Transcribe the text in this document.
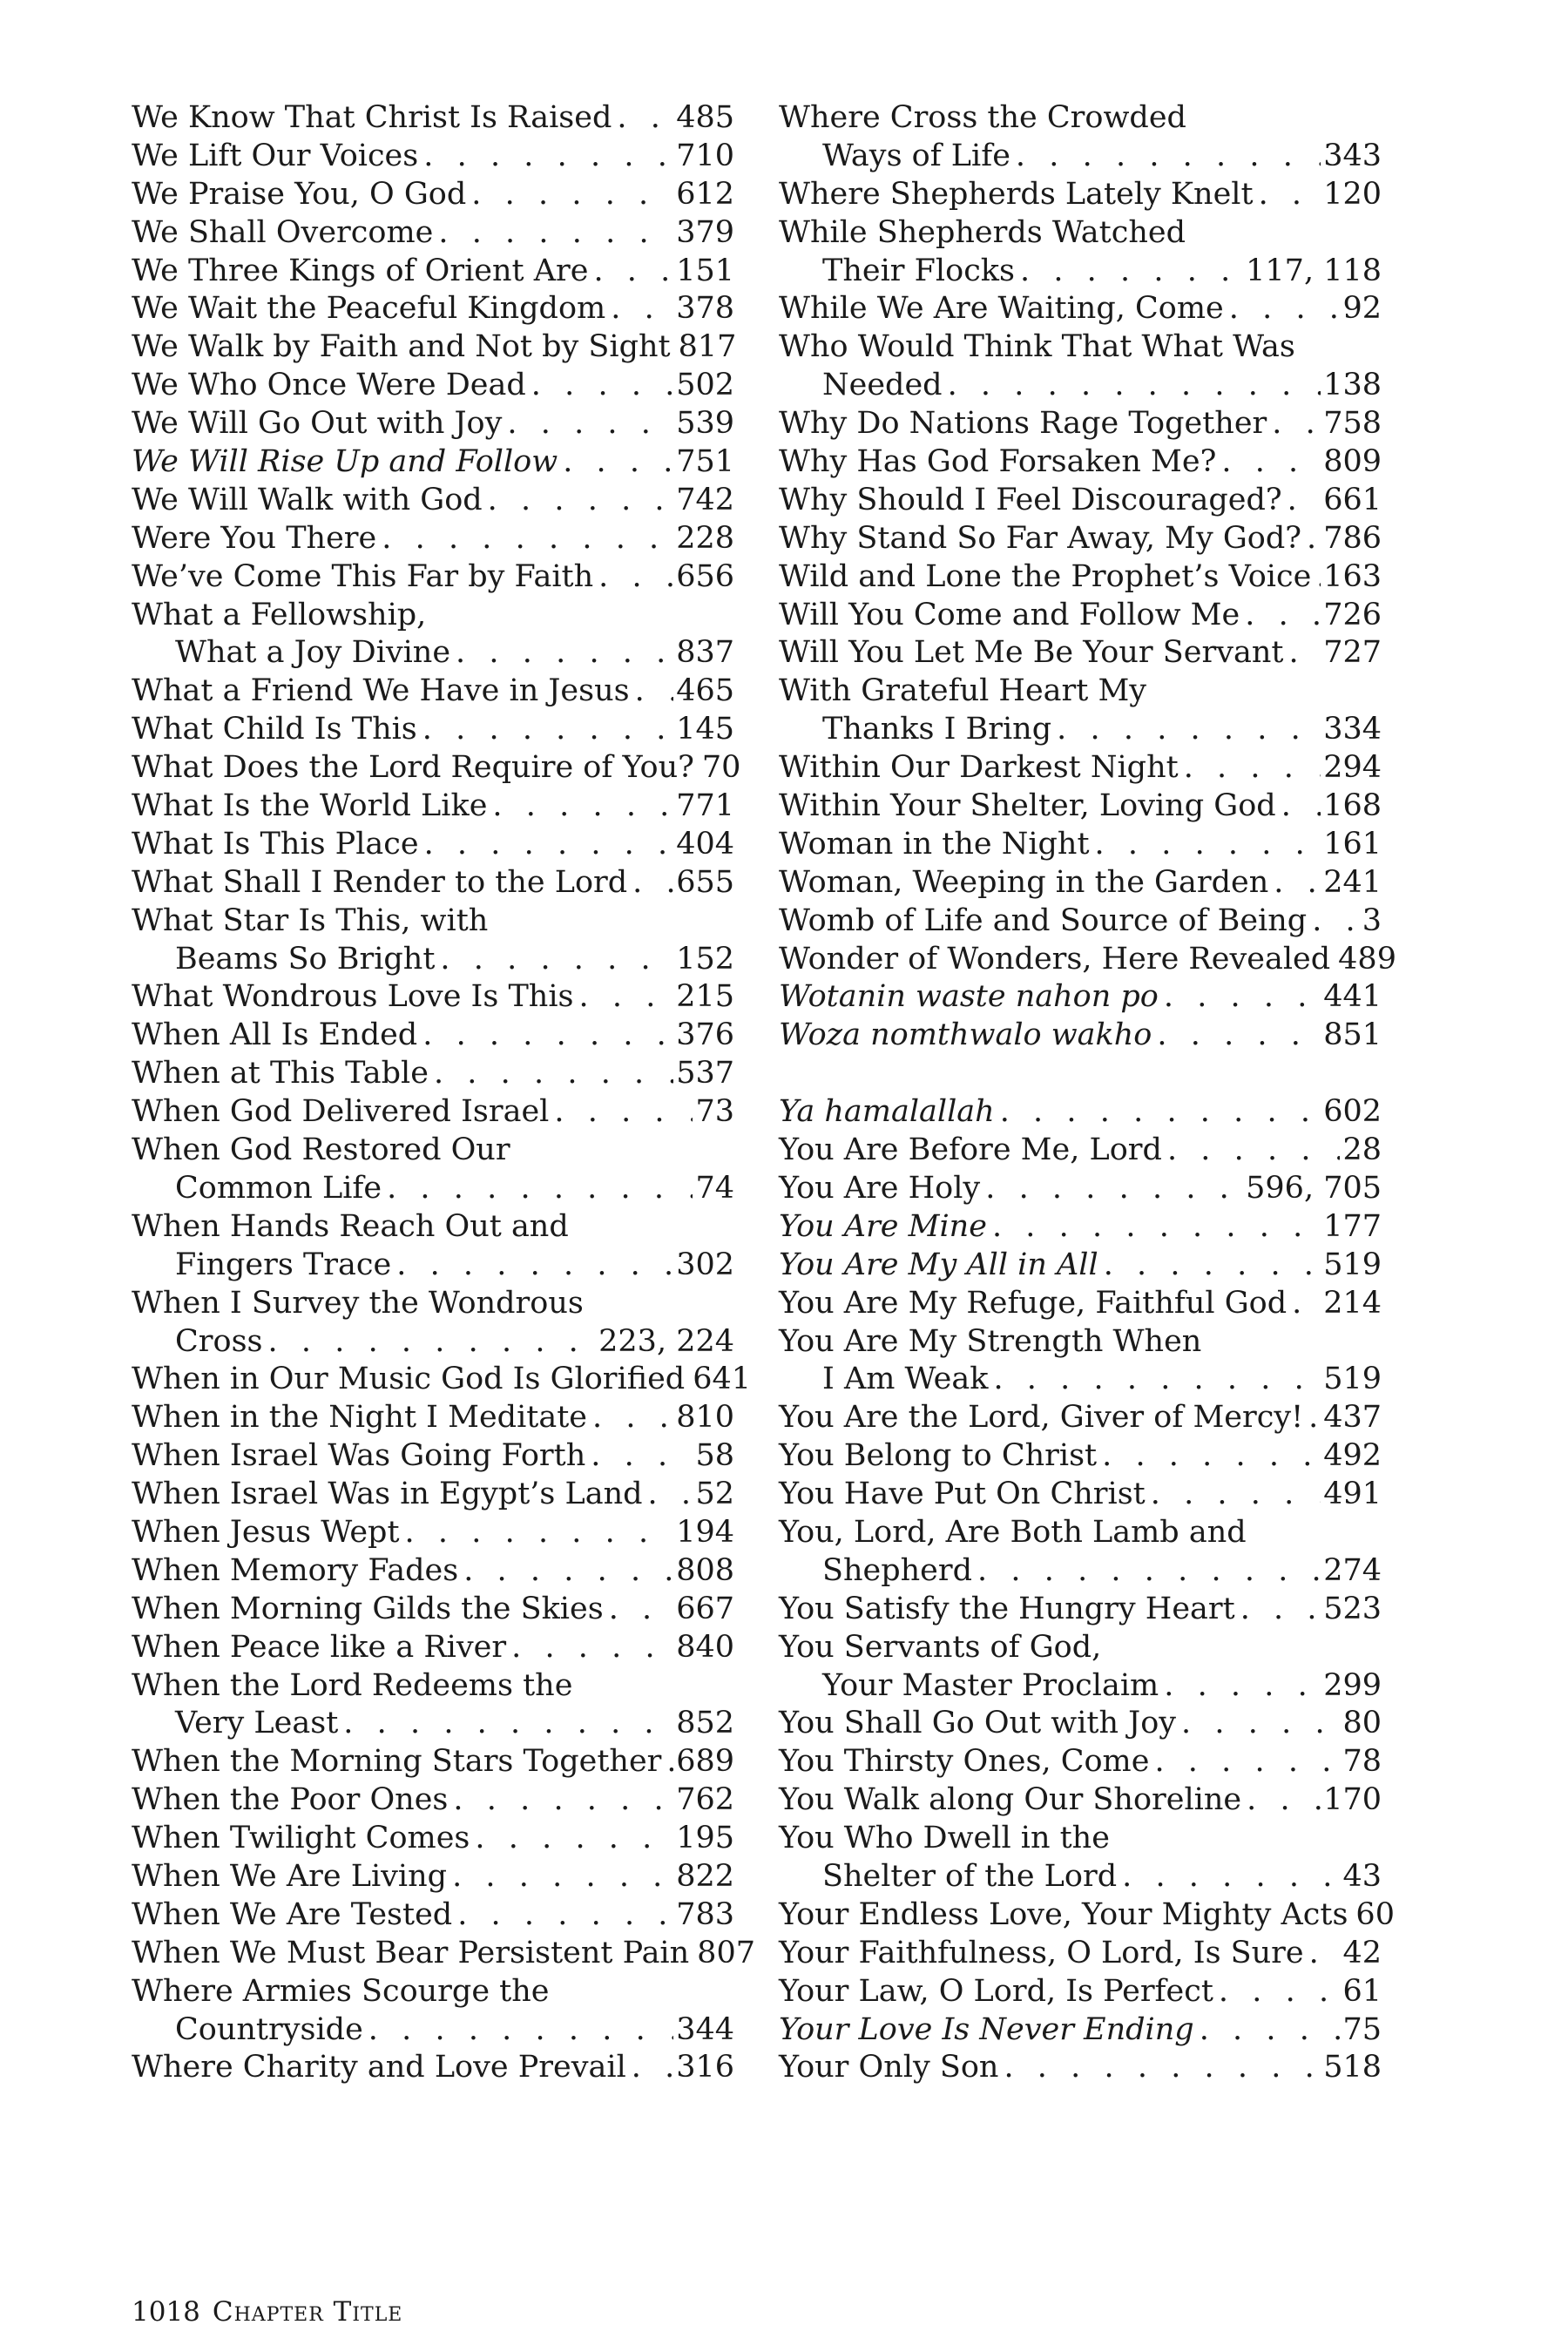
We Know That Christ Is Raised . . . 485
We Lift Our Voices . . .	710
We Praise You, O God . . .	612
We Shall Overcome . . .	379
We Three Kings of Orient Are . . .	151
We Wait the Peaceful Kingdom . . . 378
We Walk by Faith and Not by Sight 817
We Who Once Were Dead . . .	502
We Will Go Out with Joy . . .	539
We Will Rise Up and Follow . . .	751
We Will Walk with God . . .	742
Were You There . . .	228
We’ve Come This Far by Faith . . .	656
What a Fellowship,
What a Joy Divine . . .	837
What a Friend We Have in Jesus . . . 465
What Child Is This . . .	145
What Does the Lord Require of You? 70
What Is the World Like . . .	771
What Is This Place . . .	404
What Shall I Render to the Lord . . . 655
What Star Is This, with
Beams So Bright . . .	152
What Wondrous Love Is This . . .	215
When All Is Ended . . .	376
When at This Table . . .	537
When God Delivered Israel . . .	73
When God Restored Our
Common Life . . .	74
When Hands Reach Out and
Fingers Trace . . .	302
When I Survey the Wondrous
Cross . . .	223, 224
When in Our Music God Is Glorified 641
When in the Night I Meditate . . .	810
When Israel Was Going Forth . . .	58
When Israel Was in Egypt’s Land . . . 52
When Jesus Wept . . .	194
When Memory Fades . . .	808
When Morning Gilds the Skies . . . 667
When Peace like a River . . .	840
When the Lord Redeems the
Very Least . . .	852
When the Morning Stars Together . . . 689
When the Poor Ones . . .	762
When Twilight Comes . . .	195
When We Are Living . . .	822
When We Are Tested . . .	783
When We Must Bear Persistent Pain 807
Where Armies Scourge the
Countryside . . .	344
Where Charity and Love Prevail . . . 316
Where Cross the Crowded
Ways of Life . . .	343
Where Shepherds Lately Knelt . . . 120
While Shepherds Watched
Their Flocks . . .	117, 118
While We Are Waiting, Come . . .	92
Who Would Think That What Was
Needed . . .	138
Why Do Nations Rage Together . . . 758
Why Has God Forsaken Me? . . .	809
Why Should I Feel Discouraged? . . . 661
Why Stand So Far Away, My God? . . . 786
Wild and Lone the Prophet’s Voice . . . 163
Will You Come and Follow Me . . .	726
Will You Let Me Be Your Servant . . . 727
With Grateful Heart My
Thanks I Bring . . .	334
Within Our Darkest Night . . .	294
Within Your Shelter, Loving God . . . 168
Woman in the Night . . .	161
Woman, Weeping in the Garden . . . 241
Womb of Life and Source of Being . . . 3
Wonder of Wonders, Here Revealed 489
Wotanin waste nahon po . . .	441
Woza nomthwalo wakho . . .	851
Ya hamalallah . . .	602
You Are Before Me, Lord . . .	28
You Are Holy . . .	596, 705
You Are Mine . . .	177
You Are My All in All . . .	519
You Are My Refuge, Faithful God . . . 214
You Are My Strength When
I Am Weak . . .	519
You Are the Lord, Giver of Mercy! . . . 437
You Belong to Christ . . .	492
You Have Put On Christ . . .	491
You, Lord, Are Both Lamb and
Shepherd . . .	274
You Satisfy the Hungry Heart . . .	523
You Servants of God,
Your Master Proclaim . . .	299
You Shall Go Out with Joy . . .	80
You Thirsty Ones, Come . . .	78
You Walk along Our Shoreline . . .	170
You Who Dwell in the
Shelter of the Lord . . .	43
Your Endless Love, Your Mighty Acts 60
Your Faithfulness, O Lord, Is Sure . . . 42
Your Law, O Lord, Is Perfect . . .	61
Your Love Is Never Ending . . .	75
Your Only Son . . .	518
1018 Chapter Title
